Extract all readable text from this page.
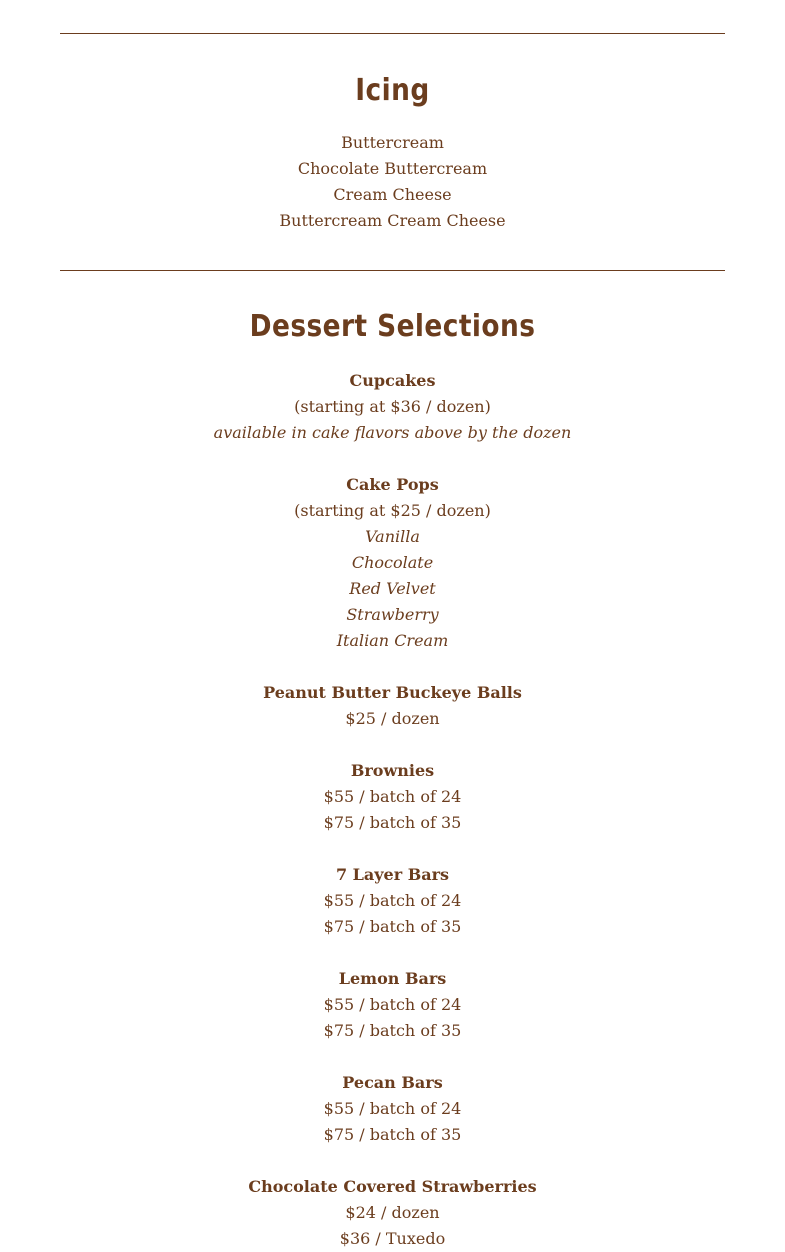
Icing
Buttercream
Chocolate Buttercream
Cream Cheese
Buttercream Cream Cheese
Dessert Selections
Cupcakes
(starting at $36 / dozen)
available in cake flavors above by the dozen
Cake Pops
(starting at $25 / dozen)
Vanilla
Chocolate
Red Velvet
Strawberry
Italian Cream
Peanut Butter Buckeye Balls
$25 / dozen
Brownies
$55 / batch of 24
$75 / batch of 35
7 Layer Bars
$55 / batch of 24
$75 / batch of 35
Lemon Bars
$55 / batch of 24
$75 / batch of 35
Pecan Bars
$55 / batch of 24
$75 / batch of 35
Chocolate Covered Strawberries
$24 / dozen
$36 / Tuxedo
